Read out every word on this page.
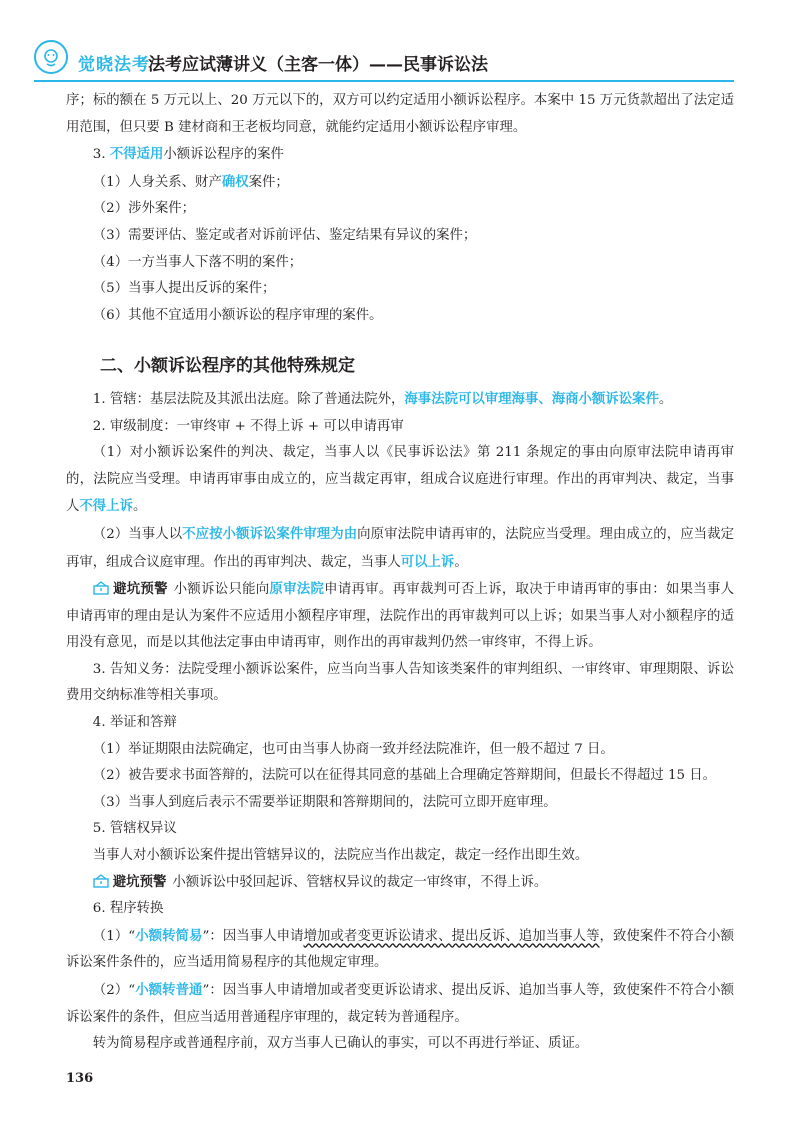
觉晓法考
法考应试薄讲义（主客一体）——民事诉讼法

序；标的额在 5 万元以上、20 万元以下的，双方可以约定适用小额诉讼程序。本案中 15 万元货款超出了法定适用范围，但只要 B 建材商和王老板均同意，就能约定适用小额诉讼程序审理。

3. 不得适用小额诉讼程序的案件

（1）人身关系、财产确权案件；

（2）涉外案件；

（3）需要评估、鉴定或者对诉前评估、鉴定结果有异议的案件；

（4）一方当事人下落不明的案件；

（5）当事人提出反诉的案件；

（6）其他不宜适用小额诉讼的程序审理的案件。

二、小额诉讼程序的其他特殊规定

1. 管辖：基层法院及其派出法庭。除了普通法院外，海事法院可以审理海事、海商小额诉讼案件。

2. 审级制度：一审终审 + 不得上诉 + 可以申请再审

（1）对小额诉讼案件的判决、裁定，当事人以《民事诉讼法》第 211 条规定的事由向原审法院申请再审的，法院应当受理。申请再审事由成立的，应当裁定再审，组成合议庭进行审理。作出的再审判决、裁定，当事人不得上诉。

（2）当事人以不应按小额诉讼案件审理为由向原审法院申请再审的，法院应当受理。理由成立的，应当裁定再审，组成合议庭审理。作出的再审判决、裁定，当事人可以上诉。

避坑预警 小额诉讼只能向原审法院申请再审。再审裁判可否上诉，取决于申请再审的事由：如果当事人申请再审的理由是认为案件不应适用小额程序审理，法院作出的再审裁判可以上诉；如果当事人对小额程序的适用没有意见，而是以其他法定事由申请再审，则作出的再审裁判仍然一审终审，不得上诉。

3. 告知义务：法院受理小额诉讼案件，应当向当事人告知该类案件的审判组织、一审终审、审理期限、诉讼费用交纳标准等相关事项。

4. 举证和答辩

（1）举证期限由法院确定，也可由当事人协商一致并经法院准许，但一般不超过 7 日。

（2）被告要求书面答辩的，法院可以在征得其同意的基础上合理确定答辩期间，但最长不得超过 15 日。

（3）当事人到庭后表示不需要举证期限和答辩期间的，法院可立即开庭审理。

5. 管辖权异议

当事人对小额诉讼案件提出管辖异议的，法院应当作出裁定，裁定一经作出即生效。

避坑预警 小额诉讼中驳回起诉、管辖权异议的裁定一审终审，不得上诉。

6. 程序转换

（1）“小额转简易”：因当事人申请增加或者变更诉讼请求、提出反诉、追加当事人等，致使案件不符合小额诉讼案件条件的，应当适用简易程序的其他规定审理。

（2）“小额转普通”：因当事人申请增加或者变更诉讼请求、提出反诉、追加当事人等，致使案件不符合小额诉讼案件的条件，但应当适用普通程序审理的，裁定转为普通程序。

转为简易程序或普通程序前，双方当事人已确认的事实，可以不再进行举证、质证。

136
